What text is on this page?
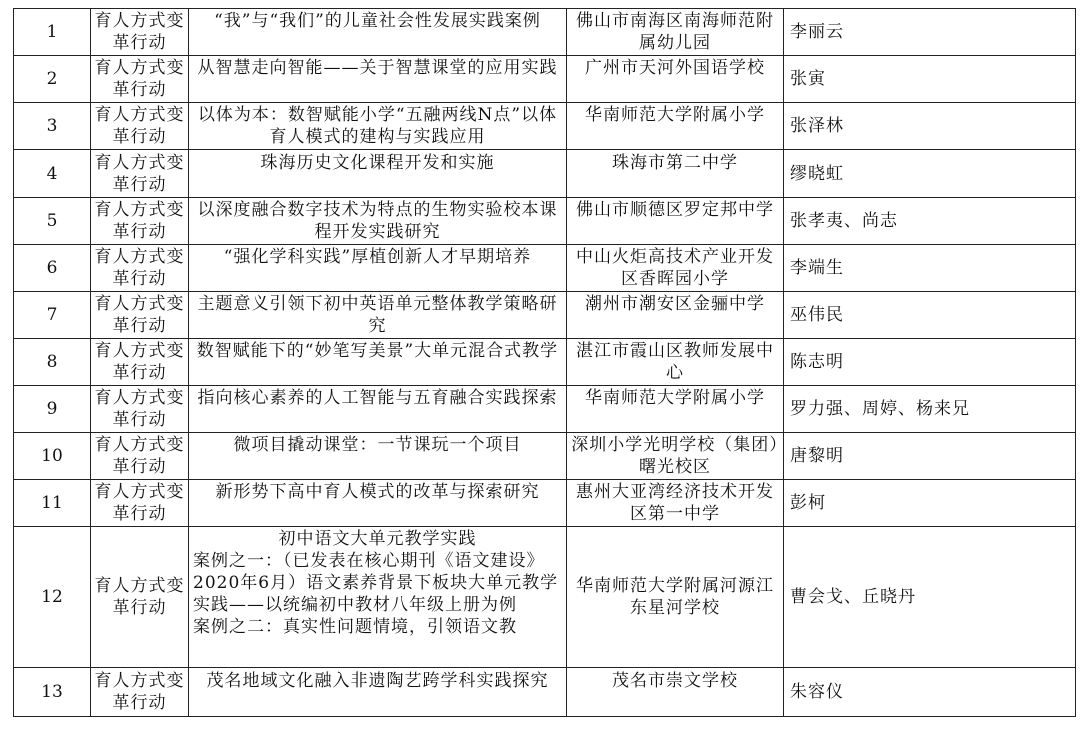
1	育人方式变革行动	“我”与“我们”的儿童社会性发展实践案例	佛山市南海区南海师范附属幼儿园	李丽云
2	育人方式变革行动	从智慧走向智能——关于智慧课堂的应用实践	广州市天河外国语学校	张寅
3	育人方式变革行动	以体为本：数智赋能小学“五融两线N点”以体育人模式的建构与实践应用	华南师范大学附属小学	张泽林
4	育人方式变革行动	珠海历史文化课程开发和实施	珠海市第二中学	缪晓虹
5	育人方式变革行动	以深度融合数字技术为特点的生物实验校本课程开发实践研究	佛山市顺德区罗定邦中学	张孝夷、尚志
6	育人方式变革行动	“强化学科实践”厚植创新人才早期培养	中山火炬高技术产业开发区香晖园小学	李端生
7	育人方式变革行动	主题意义引领下初中英语单元整体教学策略研究	潮州市潮安区金骊中学	巫伟民
8	育人方式变革行动	数智赋能下的“妙笔写美景”大单元混合式教学	湛江市霞山区教师发展中心	陈志明
9	育人方式变革行动	指向核心素养的人工智能与五育融合实践探索	华南师范大学附属小学	罗力强、周婷、杨来兄
10	育人方式变革行动	微项目撬动课堂：一节课玩一个项目	深圳小学光明学校（集团）曙光校区	唐黎明
11	育人方式变革行动	新形势下高中育人模式的改革与探索研究	惠州大亚湾经济技术开发区第一中学	彭柯
12	育人方式变革行动	初中语文大单元教学实践
案例之一：（已发表在核心期刊《语文建设》2020年6月）语文素养背景下板块大单元教学实践——以统编初中教材八年级上册为例
案例之二：真实性问题情境，引领语文教	华南师范大学附属河源江东星河学校	曹会戈、丘晓丹
13	育人方式变革行动	茂名地域文化融入非遗陶艺跨学科实践探究	茂名市崇文学校	朱容仪
